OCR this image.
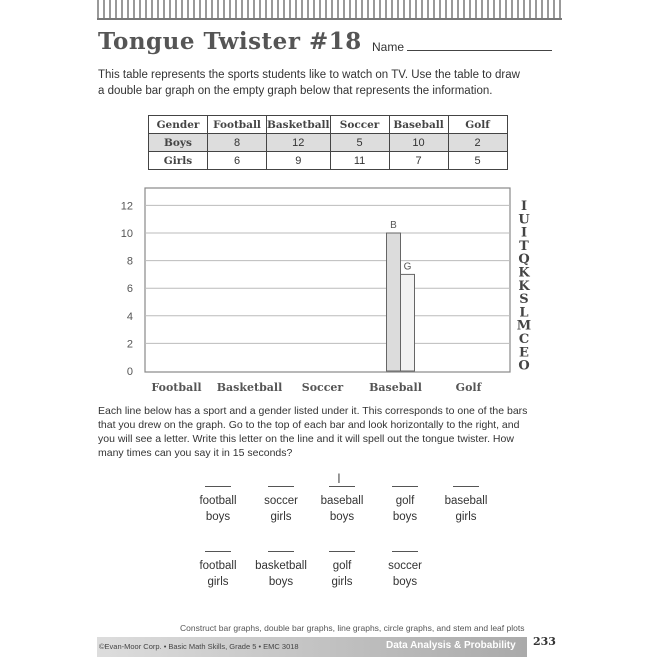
Tongue Twister #18 Name
This table represents the sports students like to watch on TV. Use the table to draw a double bar graph on the empty graph below that represents the information.
Gender	Football	Basketball	Soccer	Baseball	Golf
Boys	8	12	5	10	2
Girls	6	9	11	7	5
0
2
4
6
8
10
12
Football Basketball Soccer Baseball	Golf
B
G
I
U
I
T
Q
K
K
S
L
M
C
E
O
Each line below has a sport and a gender listed under it. This corresponds to one of the bars that you drew on the graph. Go to the top of each bar and look horizontally to the right, and you will see a letter. Write this letter on the line and it will spell out the tongue twister. How many times can you say it in 15 seconds?
football
boys
soccer
girls
baseball
boys
golf
boys
baseball
girls
football
girls
basketball
boys
golf
girls
soccer
boys
I
Construct bar graphs, double bar graphs, line graphs, circle graphs, and stem and leaf plots
©Evan-Moor Corp. • Basic Math Skills, Grade 5 • EMC 3018	Data Analysis & Probability 233
